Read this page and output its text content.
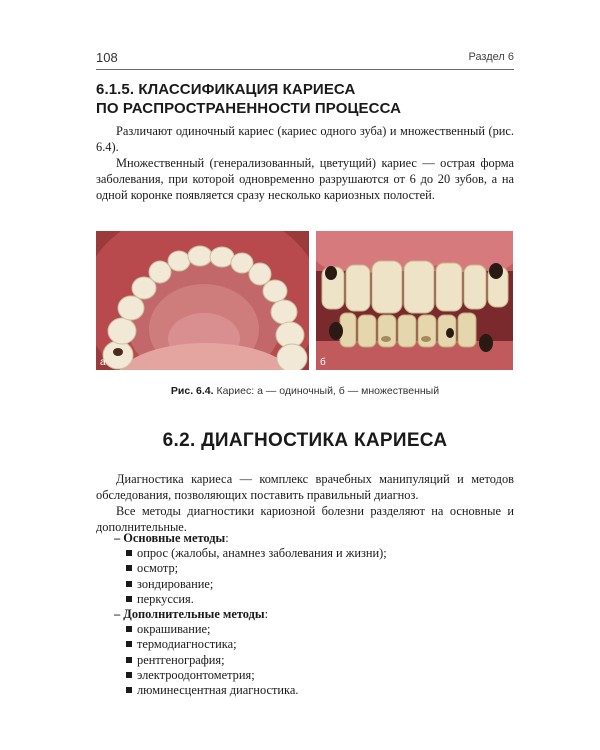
108	Раздел 6
6.1.5. КЛАССИФИКАЦИЯ КАРИЕСА
ПО РАСПРОСТРАНЕННОСТИ ПРОЦЕССА

Различают одиночный кариес (кариес одного зуба) и множественный (рис. 6.4).

Множественный (генерализованный, цветущий) кариес — острая форма заболевания, при которой одновременно разрушаются от 6 до 20 зубов, а на одной коронке появляется сразу несколько кариозных полостей.

а	б
Рис. 6.4. Кариес: а — одиночный, б — множественный
6.2. ДИАГНОСТИКА КАРИЕСА

Диагностика кариеса — комплекс врачебных манипуляций и методов обследования, позволяющих поставить правильный диагноз.

Все методы диагностики кариозной болезни разделяют на основные и дополнительные.

– Основные методы:
опрос (жалобы, анамнез заболевания и жизни);
осмотр;
зондирование;
перкуссия.
– Дополнительные методы:
окрашивание;
термодиагностика;
рентгенография;
электроодонтометрия;
люминесцентная диагностика.
